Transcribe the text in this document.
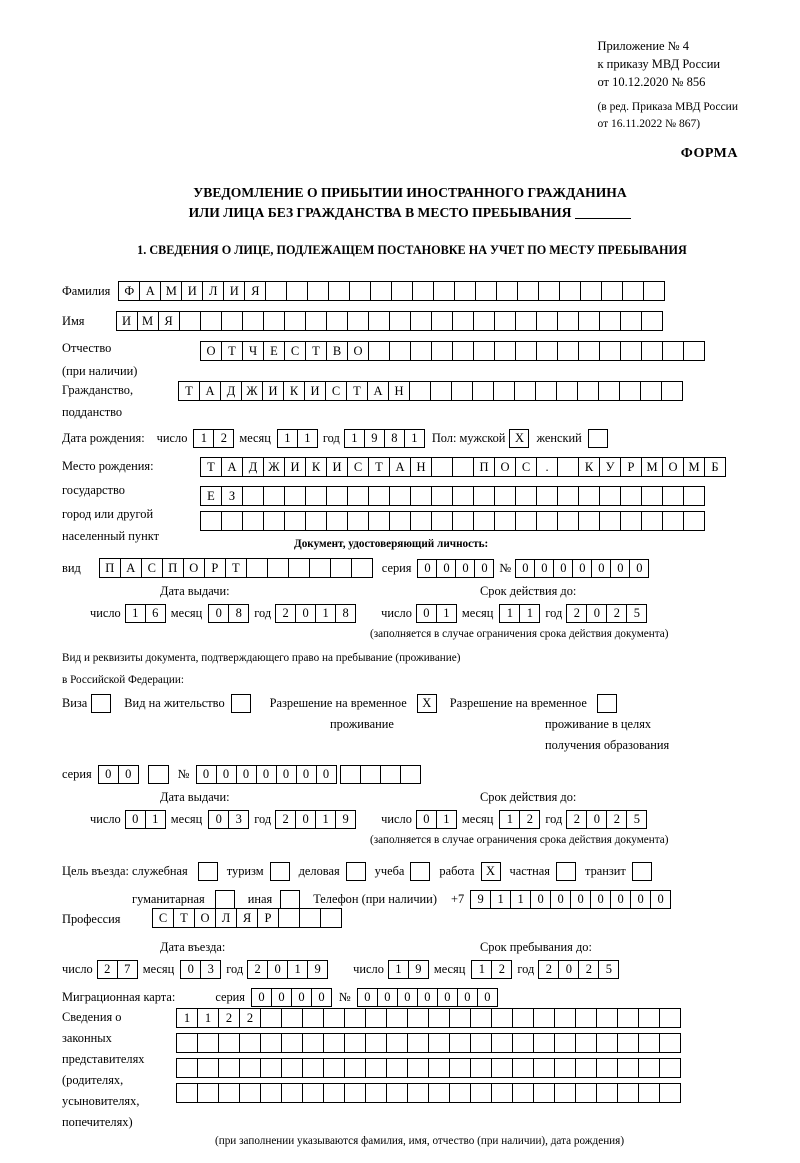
Приложение № 4
к приказу МВД России
от 10.12.2020 № 856
(в ред. Приказа МВД России
от 16.11.2022 № 867)
ФОРМА
УВЕДОМЛЕНИЕ О ПРИБЫТИИ ИНОСТРАННОГО ГРАЖДАНИНА
ИЛИ ЛИЦА БЕЗ ГРАЖДАНСТВА В МЕСТО ПРЕБЫВАНИЯ
1. СВЕДЕНИЯ О ЛИЦЕ, ПОДЛЕЖАЩЕМ ПОСТАНОВКЕ НА УЧЕТ ПО МЕСТУ ПРЕБЫВАНИЯ
Фамилия	Ф А М И Л И Я
Имя	И М Я
Отчество	О	Т	Ч	Е	С	Т	В О
(при наличии)
Гражданство,	Т	А Д Ж И К И С	Т	А Н
подданство
Дата рождения: число	1	2 месяц	1	1 год 1	9	8	1	Пол: мужской X	женский
Место рождения:	Т	А Д Ж И К И С	Т	А Н	П О С	.	К У	Р М О М Б
государство	Е	З
город или другой
населенный пункт
Документ, удостоверяющий личность:
вид	П А С П О	Р	Т	серия	0	0	0	0 № 0	0	0	0	0	0	0
Дата выдачи:	Срок действия до:
число 1	6 месяц	0	8 год 2	0	1	8	число 0	1 месяц	1	1 год 2	0	2	5
(заполняется в случае ограничения срока действия документа)
Вид и реквизиты документа, подтверждающего право на пребывание (проживание)
в Российской Федерации:
Виза	Вид на жительство	Разрешение на временное	X	Разрешение на временное
проживание	проживание в целях
получения образования
серия	0	0	№	0	0	0	0	0	0	0
Дата выдачи:	Срок действия до:
число 0	1 месяц	0	3 год 2	0	1	9	число 0	1 месяц	1	2 год 2	0	2	5
(заполняется в случае ограничения срока действия документа)
Цель въезда: служебная	туризм	деловая	учеба	работа X	частная	транзит
гуманитарная	иная	Телефон (при наличии) +7	9	1	1	0	0	0	0	0	0	0
Профессия	С	Т	О Л	Я	Р
Дата въезда:	Срок пребывания до:
число 2	7 месяц	0	3 год 2	0	1	9	число 1	9 месяц	1	2 год 2	0	2	5
Миграционная карта:	серия	0	0	0	0	№	0	0	0	0	0	0	0
Сведения о
законных
представителях
(родителях,
усыновителях,
попечителях)
1	1	2	2
(при заполнении указываются фамилия, имя, отчество (при наличии), дата рождения)
